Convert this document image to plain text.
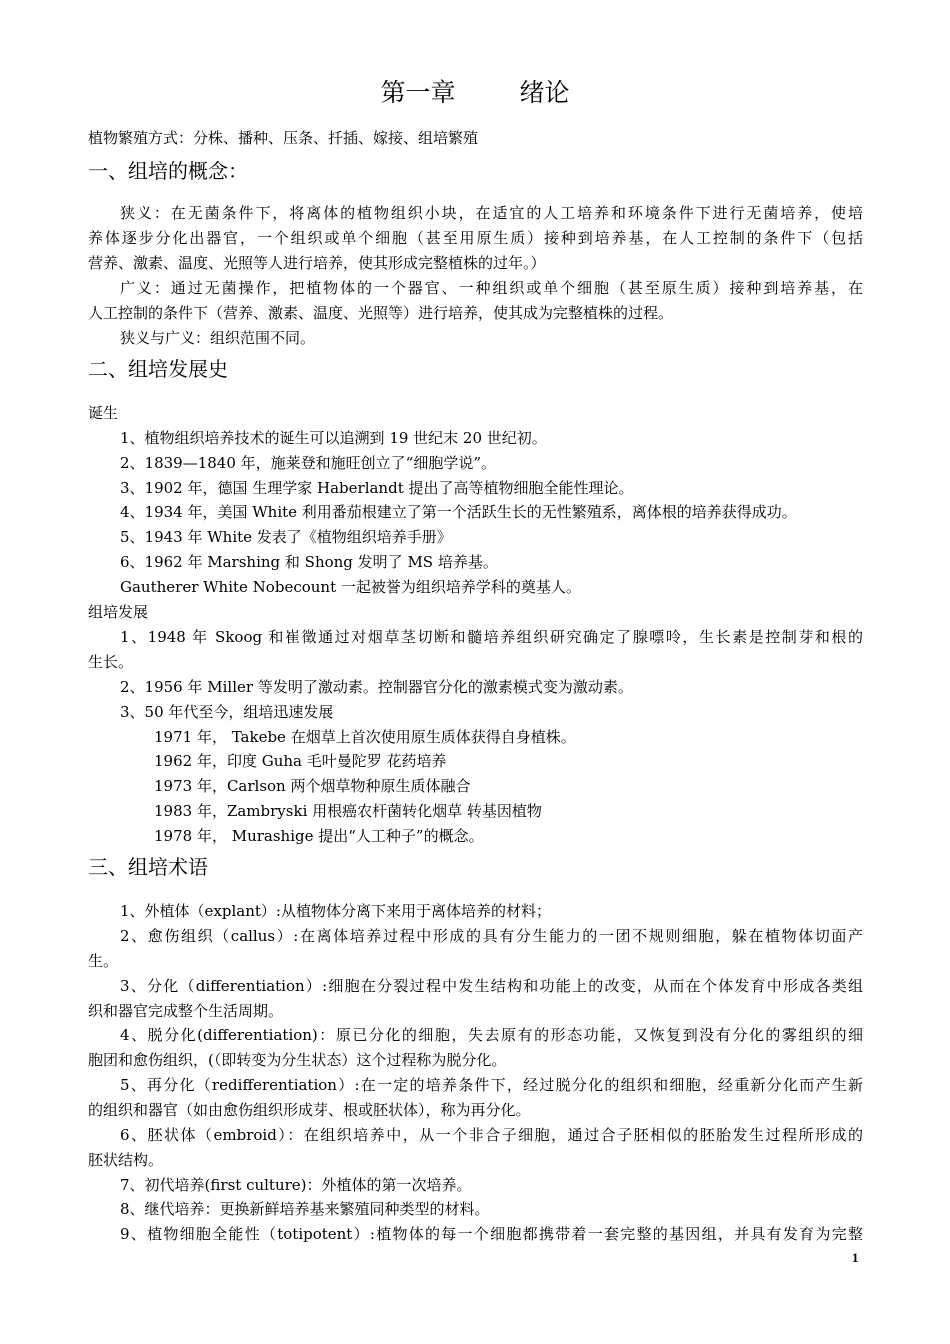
第一章	绪论
植物繁殖方式：分株、播种、压条、扦插、嫁接、组培繁殖
一、组培的概念：
狭义：在无菌条件下，将离体的植物组织小块，在适宜的人工培养和环境条件下进行无菌培养，使培
养体逐步分化出器官，一个组织或单个细胞（甚至用原生质）接种到培养基，在人工控制的条件下（包括
营养、激素、温度、光照等人进行培养，使其形成完整植株的过年。）
广义：通过无菌操作，把植物体的一个器官、一种组织或单个细胞（甚至原生质）接种到培养基，在
人工控制的条件下（营养、激素、温度、光照等）进行培养，使其成为完整植株的过程。
狭义与广义：组织范围不同。
二、组培发展史
诞生
1、植物组织培养技术的诞生可以追溯到 19 世纪末 20 世纪初。
2、1839—1840 年，施莱登和施旺创立了“细胞学说”。
3、1902 年，德国 生理学家 Haberlandt 提出了高等植物细胞全能性理论。
4、1934 年，美国 White 利用番茄根建立了第一个活跃生长的无性繁殖系，离体根的培养获得成功。
5、1943 年 White 发表了《植物组织培养手册》
6、1962 年 Marshing 和 Shong 发明了 MS 培养基。
Gautherer White Nobecount 一起被誉为组织培养学科的奠基人。
组培发展
1、1948 年 Skoog 和崔徵通过对烟草茎切断和髓培养组织研究确定了腺嘌呤，生长素是控制芽和根的
生长。
2、1956 年 Miller 等发明了激动素。控制器官分化的激素模式变为激动素。
3、50 年代至今，组培迅速发展
1971 年， Takebe 在烟草上首次使用原生质体获得自身植株。
1962 年，印度 Guha 毛叶曼陀罗 花药培养
1973 年，Carlson 两个烟草物种原生质体融合
1983 年，Zambryski 用根癌农杆菌转化烟草 转基因植物
1978 年， Murashige 提出“人工种子”的概念。
三、组培术语
1、外植体（explant）:从植物体分离下来用于离体培养的材料；
2、愈伤组织（callus）:在离体培养过程中形成的具有分生能力的一团不规则细胞，躲在植物体切面产
生。
3、分化（differentiation）:细胞在分裂过程中发生结构和功能上的改变，从而在个体发育中形成各类组
织和器官完成整个生活周期。
4、脱分化(differentiation)：原已分化的细胞，失去原有的形态功能，又恢复到没有分化的雾组织的细
胞团和愈伤组织，(（即转变为分生状态）这个过程称为脱分化。
5、再分化（redifferentiation）:在一定的培养条件下，经过脱分化的组织和细胞，经重新分化而产生新
的组织和器官（如由愈伤组织形成芽、根或胚状体），称为再分化。
6、胚状体（embroid）：在组织培养中，从一个非合子细胞，通过合子胚相似的胚胎发生过程所形成的
胚状结构。
7、初代培养(first culture)：外植体的第一次培养。
8、继代培养：更换新鲜培养基来繁殖同种类型的材料。
9、植物细胞全能性（totipotent）:植物体的每一个细胞都携带着一套完整的基因组，并具有发育为完整
1
